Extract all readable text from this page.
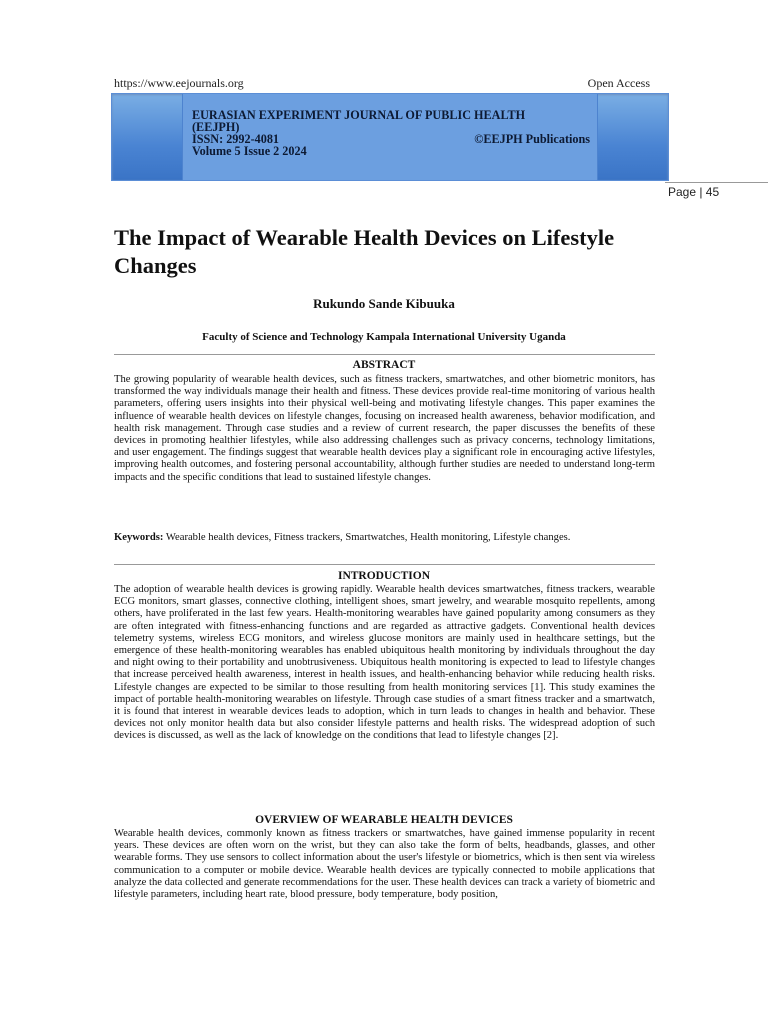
https://www.eejournals.org	Open Access
EURASIAN EXPERIMENT JOURNAL OF PUBLIC HEALTH
(EEJPH)
ISSN: 2992-4081	©EEJPH Publications
Volume 5 Issue 2 2024
Page | 45
The Impact of Wearable Health Devices on Lifestyle Changes
Rukundo Sande Kibuuka
Faculty of Science and Technology Kampala International University Uganda
ABSTRACT
The growing popularity of wearable health devices, such as fitness trackers, smartwatches, and other biometric monitors, has transformed the way individuals manage their health and fitness. These devices provide real-time monitoring of various health parameters, offering users insights into their physical well-being and motivating lifestyle changes. This paper examines the influence of wearable health devices on lifestyle changes, focusing on increased health awareness, behavior modification, and health risk management. Through case studies and a review of current research, the paper discusses the benefits of these devices in promoting healthier lifestyles, while also addressing challenges such as privacy concerns, technology limitations, and user engagement. The findings suggest that wearable health devices play a significant role in encouraging active lifestyles, improving health outcomes, and fostering personal accountability, although further studies are needed to understand long-term impacts and the specific conditions that lead to sustained lifestyle changes.
Keywords: Wearable health devices, Fitness trackers, Smartwatches, Health monitoring, Lifestyle changes.
INTRODUCTION
The adoption of wearable health devices is growing rapidly. Wearable health devices smartwatches, fitness trackers, wearable ECG monitors, smart glasses, connective clothing, intelligent shoes, smart jewelry, and wearable mosquito repellents, among others, have proliferated in the last few years. Health-monitoring wearables have gained popularity among consumers as they are often integrated with fitness-enhancing functions and are regarded as attractive gadgets. Conventional health devices telemetry systems, wireless ECG monitors, and wireless glucose monitors are mainly used in healthcare settings, but the emergence of these health-monitoring wearables has enabled ubiquitous health monitoring by individuals throughout the day and night owing to their portability and unobtrusiveness. Ubiquitous health monitoring is expected to lead to lifestyle changes that increase perceived health awareness, interest in health issues, and health-enhancing behavior while reducing health risks. Lifestyle changes are expected to be similar to those resulting from health monitoring services [1]. This study examines the impact of portable health-monitoring wearables on lifestyle. Through case studies of a smart fitness tracker and a smartwatch, it is found that interest in wearable devices leads to adoption, which in turn leads to changes in health and behavior. These devices not only monitor health data but also consider lifestyle patterns and health risks. The widespread adoption of such devices is discussed, as well as the lack of knowledge on the conditions that lead to lifestyle changes [2].
OVERVIEW OF WEARABLE HEALTH DEVICES
Wearable health devices, commonly known as fitness trackers or smartwatches, have gained immense popularity in recent years. These devices are often worn on the wrist, but they can also take the form of belts, headbands, glasses, and other wearable forms. They use sensors to collect information about the user's lifestyle or biometrics, which is then sent via wireless communication to a computer or mobile device. Wearable health devices are typically connected to mobile applications that analyze the data collected and generate recommendations for the user. These health devices can track a variety of biometric and lifestyle parameters, including heart rate, blood pressure, body temperature, body position,
